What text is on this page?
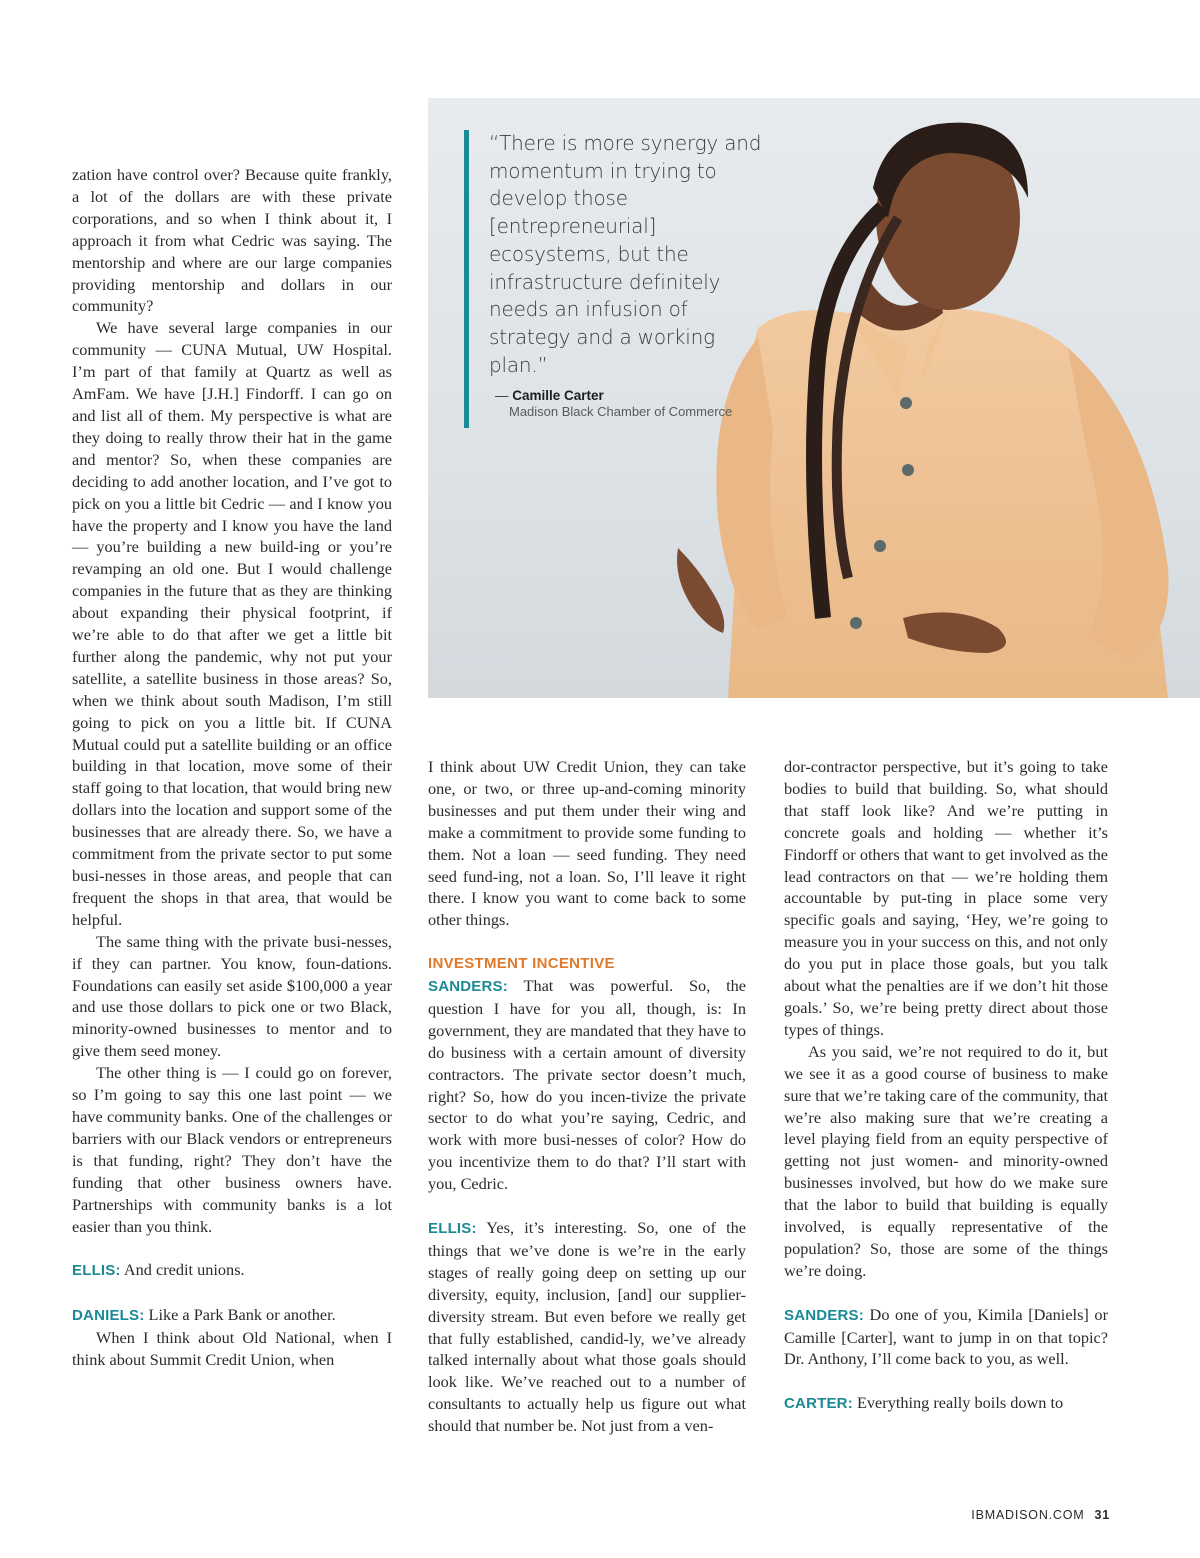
“There is more synergy and momentum in trying to develop those [entrepreneurial] ecosystems, but the infrastructure definitely needs an infusion of strategy and a working plan.”
— Camille Carter
Madison Black Chamber of Commerce

zation have control over? Because quite frankly, a lot of the dollars are with these private corporations, and so when I think about it, I approach it from what Cedric was saying. The mentorship and where are our large companies providing mentorship and dollars in our community?

We have several large companies in our community — CUNA Mutual, UW Hospital. I’m part of that family at Quartz as well as AmFam. We have [J.H.] Findorff. I can go on and list all of them. My perspective is what are they doing to really throw their hat in the game and mentor? So, when these companies are deciding to add another location, and I’ve got to pick on you a little bit Cedric — and I know you have the property and I know you have the land — you’re building a new build-ing or you’re revamping an old one. But I would challenge companies in the future that as they are thinking about expanding their physical footprint, if we’re able to do that after we get a little bit further along the pandemic, why not put your satellite, a satellite business in those areas? So, when we think about south Madison, I’m still going to pick on you a little bit. If CUNA Mutual could put a satellite building or an office building in that location, move some of their staff going to that location, that would bring new dollars into the location and support some of the businesses that are already there. So, we have a commitment from the private sector to put some busi-nesses in those areas, and people that can frequent the shops in that area, that would be helpful.

The same thing with the private busi-nesses, if they can partner. You know, foun-dations. Foundations can easily set aside $100,000 a year and use those dollars to pick one or two Black, minority-owned businesses to mentor and to give them seed money.

The other thing is — I could go on forever, so I’m going to say this one last point — we have community banks. One of the challenges or barriers with our Black vendors or entrepreneurs is that funding, right? They don’t have the funding that other business owners have. Partnerships with community banks is a lot easier than you think.

ELLIS: And credit unions.

DANIELS: Like a Park Bank or another.

When I think about Old National, when I think about Summit Credit Union, when

I think about UW Credit Union, they can take one, or two, or three up-and-coming minority businesses and put them under their wing and make a commitment to provide some funding to them. Not a loan — seed funding. They need seed fund-ing, not a loan. So, I’ll leave it right there. I know you want to come back to some other things.

INVESTMENT INCENTIVE

SANDERS: That was powerful. So, the question I have for you all, though, is: In government, they are mandated that they have to do business with a certain amount of diversity contractors. The private sector doesn’t much, right? So, how do you incen-tivize the private sector to do what you’re saying, Cedric, and work with more busi-nesses of color? How do you incentivize them to do that? I’ll start with you, Cedric.

ELLIS: Yes, it’s interesting. So, one of the things that we’ve done is we’re in the early stages of really going deep on setting up our diversity, equity, inclusion, [and] our supplier-diversity stream. But even before we really get that fully established, candid-ly, we’ve already talked internally about what those goals should look like. We’ve reached out to a number of consultants to actually help us figure out what should that number be. Not just from a ven-

dor-contractor perspective, but it’s going to take bodies to build that building. So, what should that staff look like? And we’re putting in concrete goals and holding — whether it’s Findorff or others that want to get involved as the lead contractors on that — we’re holding them accountable by put-ting in place some very specific goals and saying, ‘Hey, we’re going to measure you in your success on this, and not only do you put in place those goals, but you talk about what the penalties are if we don’t hit those goals.’ So, we’re being pretty direct about those types of things.

As you said, we’re not required to do it, but we see it as a good course of business to make sure that we’re taking care of the community, that we’re also making sure that we’re creating a level playing field from an equity perspective of getting not just women- and minority-owned businesses involved, but how do we make sure that the labor to build that building is equally involved, is equally representative of the population? So, those are some of the things we’re doing.

SANDERS: Do one of you, Kimila [Daniels] or Camille [Carter], want to jump in on that topic? Dr. Anthony, I’ll come back to you, as well.

CARTER: Everything really boils down to

IBMADISON.COM 31
